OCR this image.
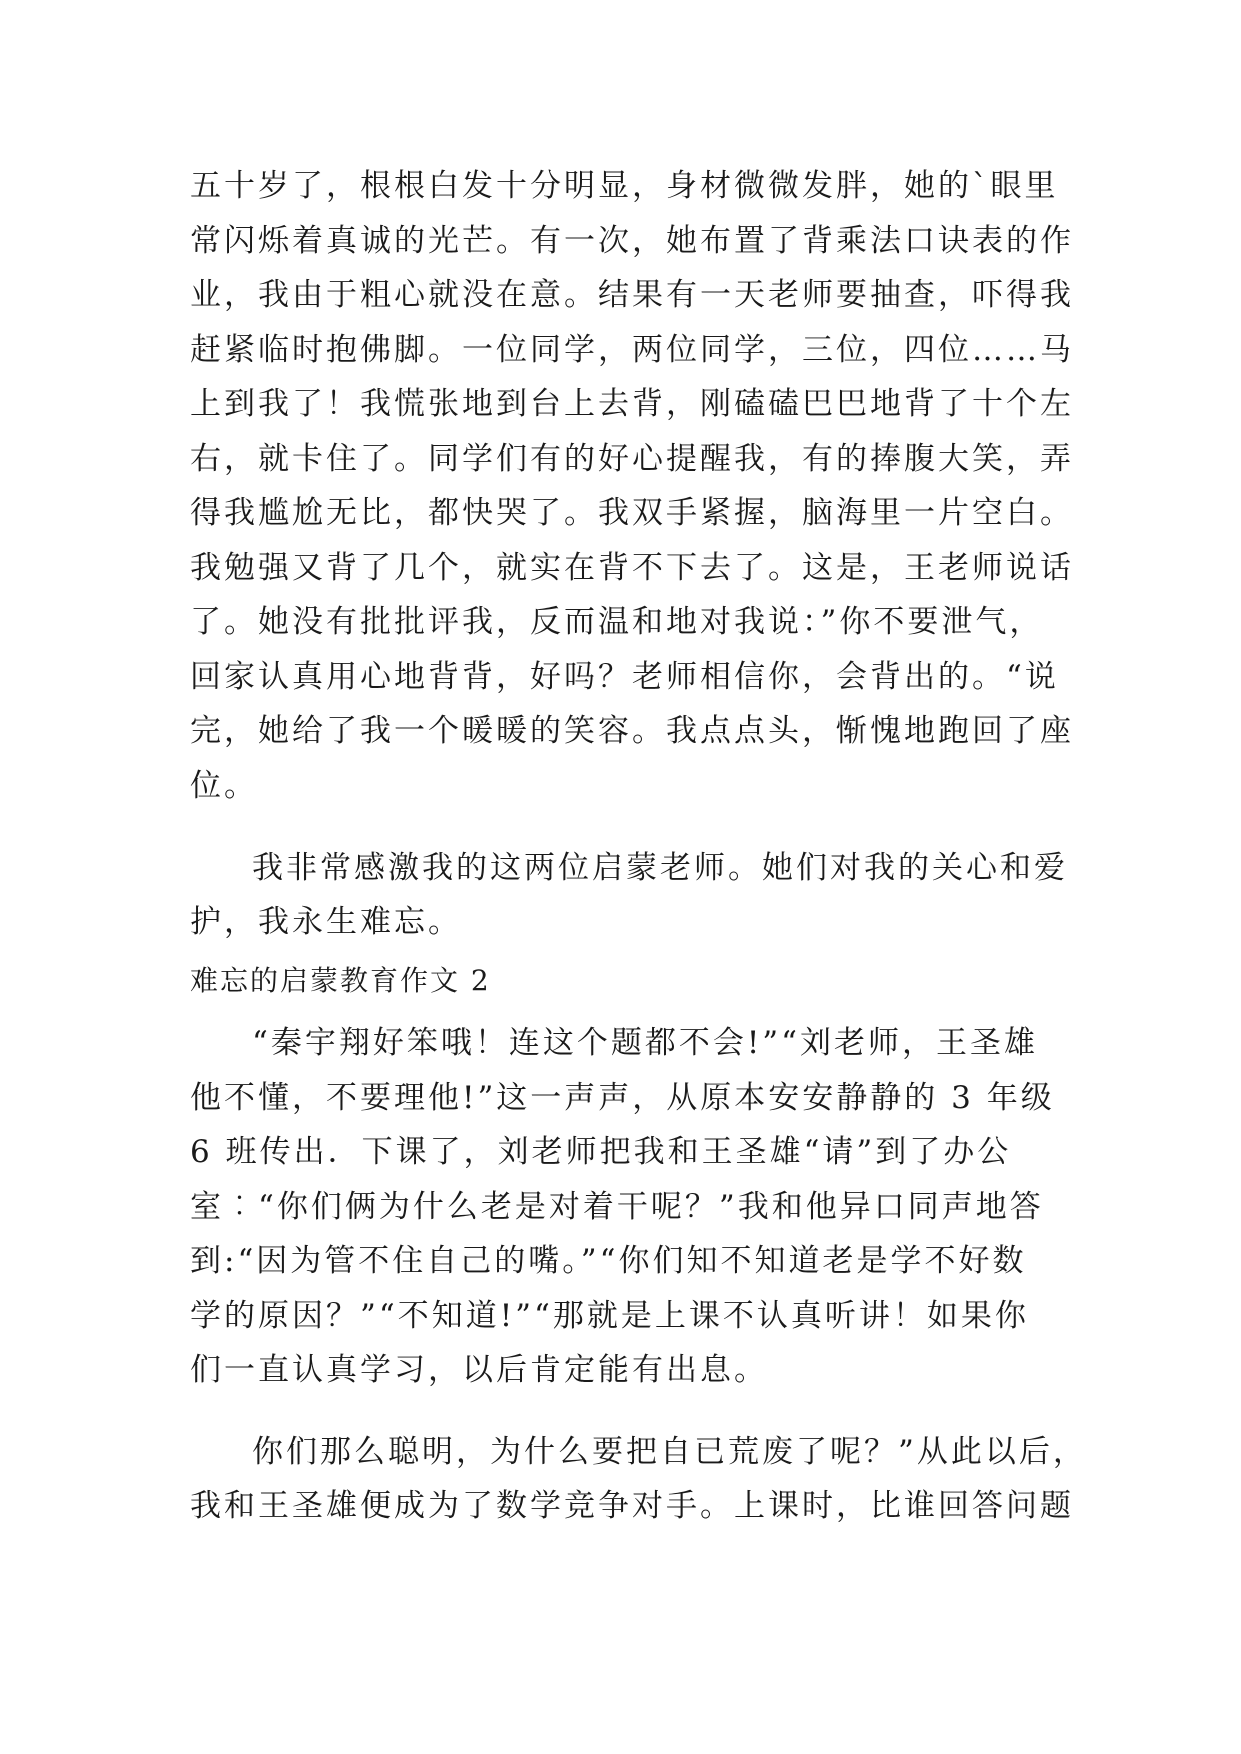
五十岁了，根根白发十分明显，身材微微发胖，她的`眼里
常闪烁着真诚的光芒。有一次，她布置了背乘法口诀表的作
业，我由于粗心就没在意。结果有一天老师要抽查，吓得我
赶紧临时抱佛脚。一位同学，两位同学，三位，四位……马
上到我了！我慌张地到台上去背，刚磕磕巴巴地背了十个左
右，就卡住了。同学们有的好心提醒我，有的捧腹大笑，弄
得我尴尬无比，都快哭了。我双手紧握，脑海里一片空白。
我勉强又背了几个，就实在背不下去了。这是，王老师说话
了。她没有批批评我，反而温和地对我说：”你不要泄气，
回家认真用心地背背，好吗？老师相信你，会背出的。“说
完，她给了我一个暖暖的笑容。我点点头，惭愧地跑回了座
位。
我非常感激我的这两位启蒙老师。她们对我的关心和爱
护，我永生难忘。
难忘的启蒙教育作文 2
“秦宇翔好笨哦！连这个题都不会!”“刘老师，王圣雄
他不懂，不要理他!”这一声声，从原本安安静静的 3 年级
6 班传出．下课了，刘老师把我和王圣雄“请”到了办公
室︰“你们俩为什么老是对着干呢？”我和他异口同声地答
到:“因为管不住自己的嘴。”“你们知不知道老是学不好数
学的原因？”“不知道!”“那就是上课不认真听讲！如果你
们一直认真学习，以后肯定能有出息。
你们那么聪明，为什么要把自已荒废了呢？”从此以后，
我和王圣雄便成为了数学竞争对手。上课时，比谁回答问题
